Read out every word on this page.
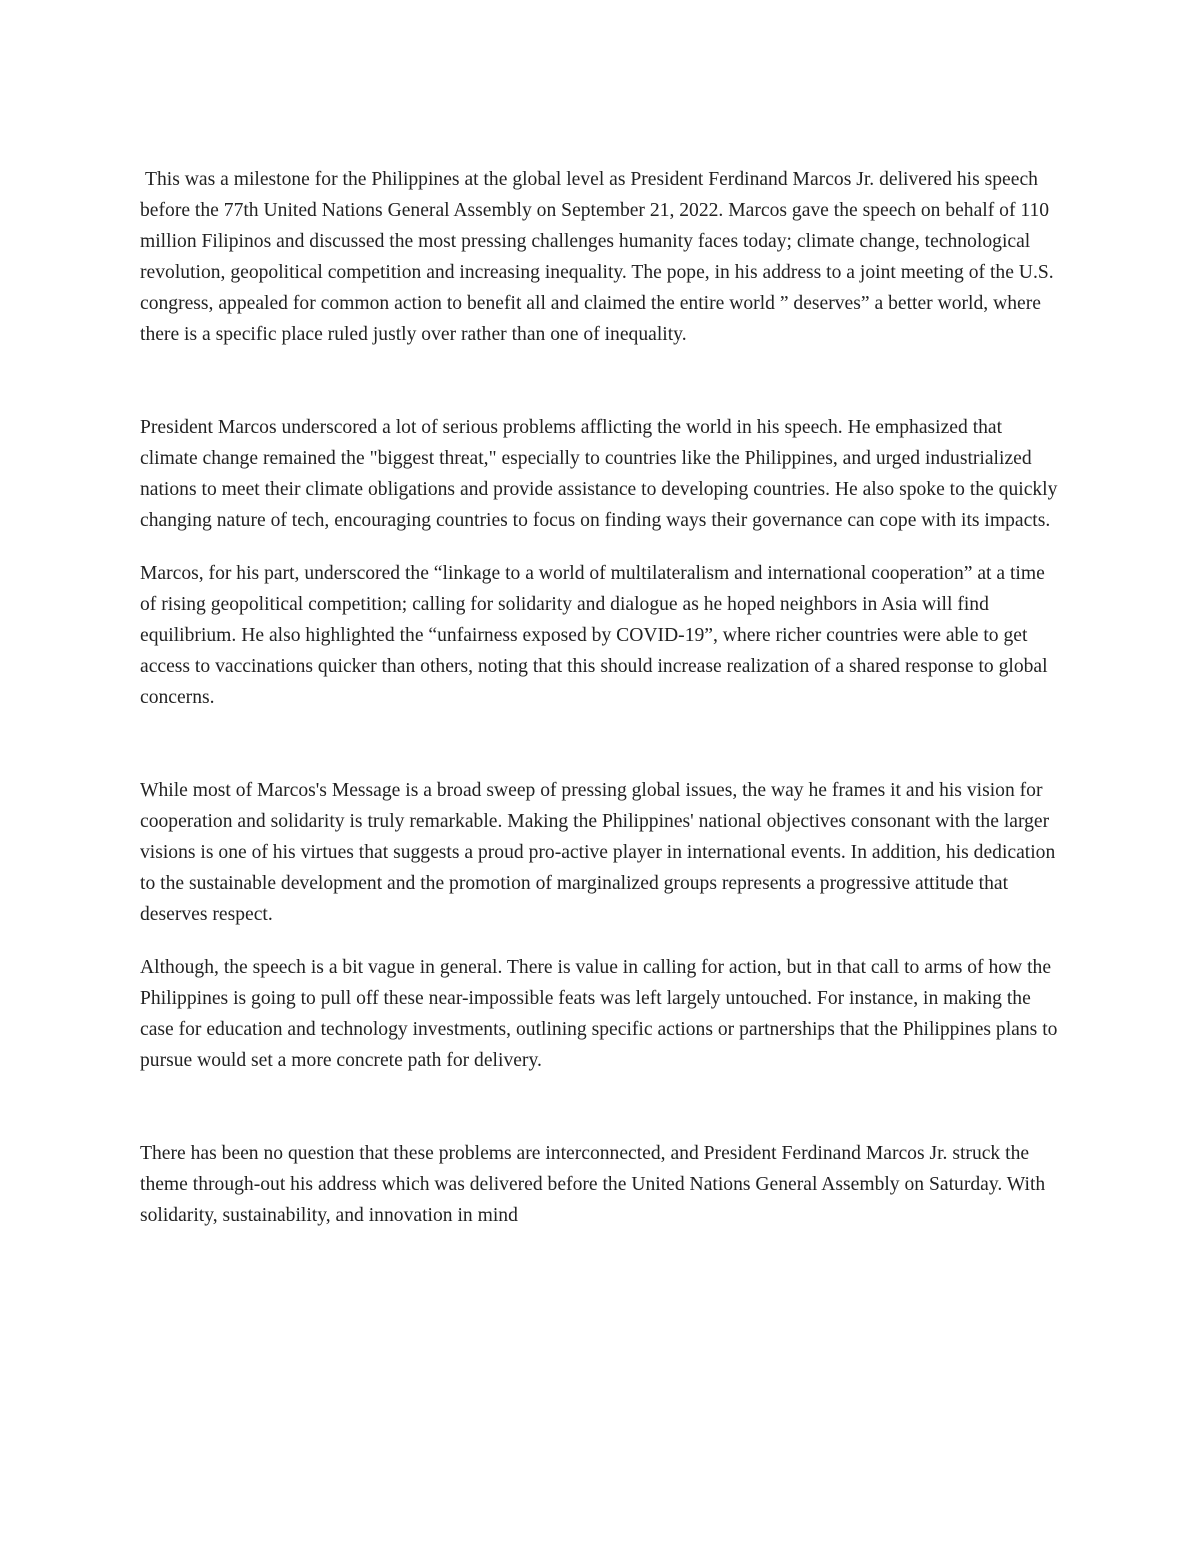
This was a milestone for the Philippines at the global level as President Ferdinand Marcos Jr. delivered his speech before the 77th United Nations General Assembly on September 21, 2022. Marcos gave the speech on behalf of 110 million Filipinos and discussed the most pressing challenges humanity faces today; climate change, technological revolution, geopolitical competition and increasing inequality. The pope, in his address to a joint meeting of the U.S. congress, appealed for common action to benefit all and claimed the entire world ” deserves” a better world, where there is a specific place ruled justly over rather than one of inequality.

President Marcos underscored a lot of serious problems afflicting the world in his speech. He emphasized that climate change remained the "biggest threat," especially to countries like the Philippines, and urged industrialized nations to meet their climate obligations and provide assistance to developing countries. He also spoke to the quickly changing nature of tech, encouraging countries to focus on finding ways their governance can cope with its impacts.

Marcos, for his part, underscored the “linkage to a world of multilateralism and international cooperation” at a time of rising geopolitical competition; calling for solidarity and dialogue as he hoped neighbors in Asia will find equilibrium. He also highlighted the “unfairness exposed by COVID-19”, where richer countries were able to get access to vaccinations quicker than others, noting that this should increase realization of a shared response to global concerns.

While most of Marcos's Message is a broad sweep of pressing global issues, the way he frames it and his vision for cooperation and solidarity is truly remarkable. Making the Philippines' national objectives consonant with the larger visions is one of his virtues that suggests a proud pro-active player in international events. In addition, his dedication to the sustainable development and the promotion of marginalized groups represents a progressive attitude that deserves respect.

Although, the speech is a bit vague in general. There is value in calling for action, but in that call to arms of how the Philippines is going to pull off these near-impossible feats was left largely untouched. For instance, in making the case for education and technology investments, outlining specific actions or partnerships that the Philippines plans to pursue would set a more concrete path for delivery.

There has been no question that these problems are interconnected, and President Ferdinand Marcos Jr. struck the theme through-out his address which was delivered before the United Nations General Assembly on Saturday. With solidarity, sustainability, and innovation in mind
